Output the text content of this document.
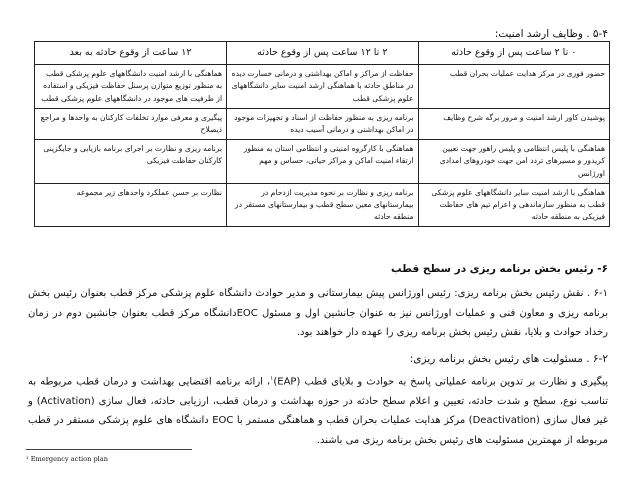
۵-۴ . وظایف ارشد امنیت:
۰ تا ۲ ساعت پس از وقوع حادثه	۲ تا ۱۲ ساعت پس از وقوع حادثه	۱۲ ساعت از وقوع حادثه به بعد
حضور فوری در مرکز هدایت عملیات بحران قطب	حفاظت از مراکز و اماکن بهداشتی و درمانی خسارت دیده در مناطق حادثه با هماهنگی ارشد امنیت سایر دانشگاههای علوم پزشکی قطب	هماهنگی با ارشد امنیت دانشگاههای علوم پزشکی قطب به منظور توزیع متوازن پرسنل حفاظت فیزیکی و استفاده از ظرفیت های موجود در دانشگاههای علوم پزشکی قطب
پوشیدن کاور ارشد امنیت و مرور برگه شرح وظایف	برنامه ریزی به منظور حفاظت از اسناد و تجهیزات موجود در اماکن بهداشتی و درمانی آسیب دیده	پیگیری و معرفی موارد تخلفات کارکنان به واحدها و مراجع ذیصلاح
هماهنگی با پلیس انتظامی و پلیس راهور جهت تعیین کریدور و مسیرهای تردد امن جهت خودروهای امدادی اورژانس	هماهنگی با کارگروه امنیتی و انتظامی استان به منظور ارتقاء امنیت اماکن و مراکز حیاتی، حساس و مهم	برنامه ریزی و نظارت بر اجرای برنامه بازیابی و جایگزینی کارکنان حفاظت فیزیکی
هماهنگی با ارشد امنیت سایر دانشگاههای علوم پزشکی قطب به منظور سازماندهی و اعزام تیم های حفاظت فیزیکی به منطقه حادثه	برنامه ریزی و نظارت بر نحوه مدیریت ازدحام در بیمارستانهای معین سطح قطب و بیمارستانهای مستقر در منطقه حادثه	نظارت بر حسن عملکرد واحدهای زیر مجموعه
۶- رئیس بخش برنامه ریزی در سطح قطب
۶-۱ . نقش رئیس بخش برنامه ریزی: رئیس اورژانس پیش بیمارستانی و مدیر حوادث دانشگاه علوم پزشکی مرکز قطب بعنوان رئیس بخش برنامه ریزی و معاون فنی و عملیات اورژانس نیز به عنوان جانشین اول و مسئول EOCدانشگاه مرکز قطب بعنوان جانشین دوم در زمان رخداد حوادث و بلایا، نقش رئیس بخش برنامه ریزی را عهده دار خواهند بود.
۶-۲ . مسئولیت های رئیس بخش برنامه ریزی:
پیگیری و نظارت بر تدوین برنامه عملیاتی پاسخ به حوادث و بلایای قطب (EAP)$^۱$، ارائه برنامه اقتضایی بهداشت و درمان قطب مربوطه به تناسب نوع، سطح و شدت حادثه، تعیین و اعلام سطح حادثه در حوزه بهداشت و درمان قطب، ارزیابی حادثه، فعال سازی (Activation) و غیر فعال سازی (Deactivation) مرکز هدایت عملیات بحران قطب و هماهنگی مستمر با EOC دانشگاه های علوم پزشکی مستقر در قطب مربوطه از مهمترین مسئولیت های رئیس بخش برنامه ریزی می باشند.
¹ Emergency action plan
